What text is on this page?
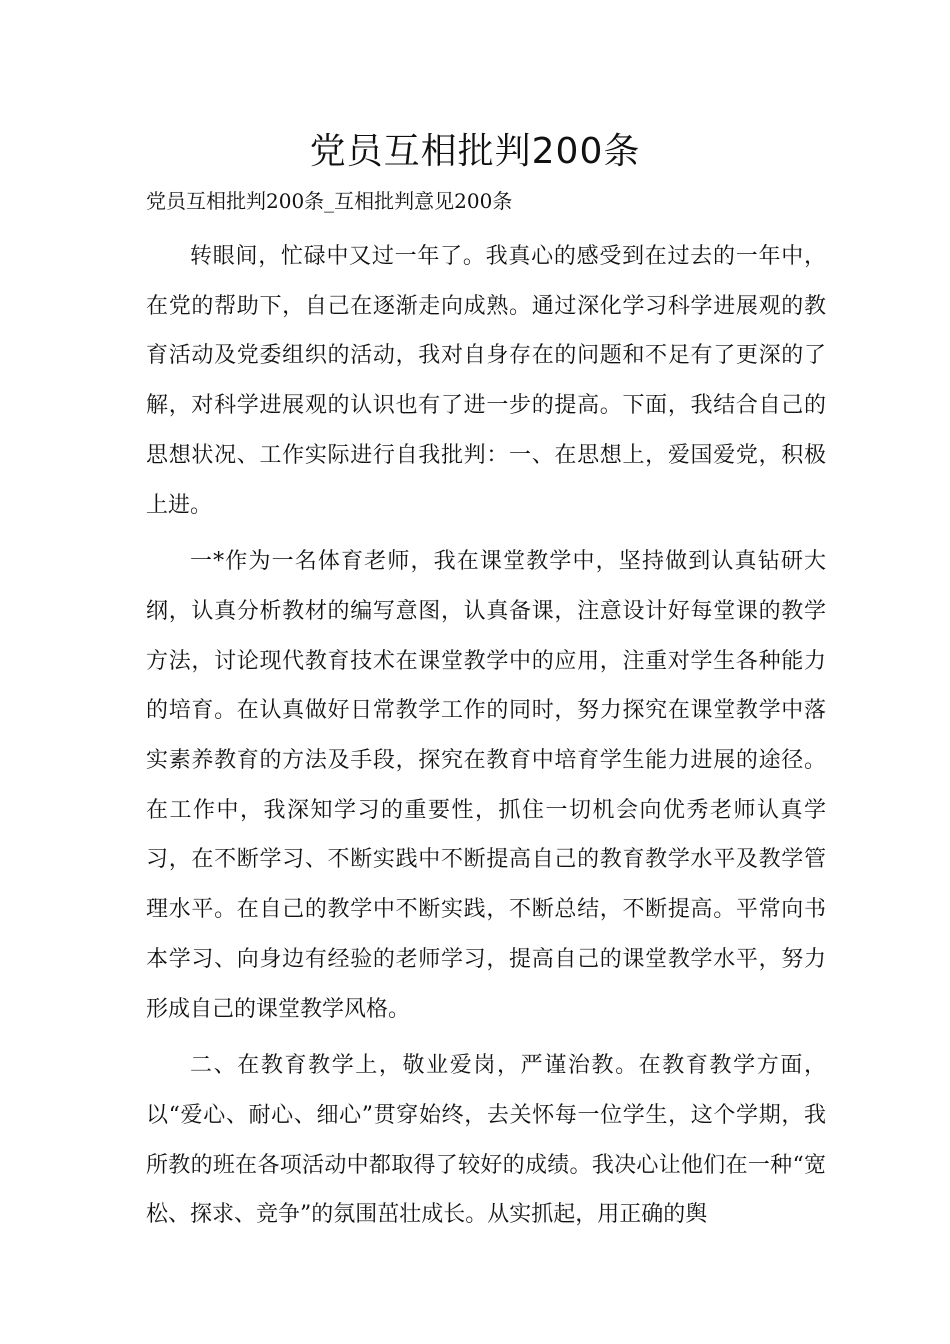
党员互相批判200条

党员互相批判200条_互相批判意见200条

转眼间，忙碌中又过一年了。我真心的感受到在过去的一年中，在党的帮助下，自己在逐渐走向成熟。通过深化学习科学进展观的教育活动及党委组织的活动，我对自身存在的问题和不足有了更深的了解，对科学进展观的认识也有了进一步的提高。下面，我结合自己的思想状况、工作实际进行自我批判：一、在思想上，爱国爱党，积极上进。

一*作为一名体育老师，我在课堂教学中，坚持做到认真钻研大纲，认真分析教材的编写意图，认真备课，注意设计好每堂课的教学方法，讨论现代教育技术在课堂教学中的应用，注重对学生各种能力的培育。在认真做好日常教学工作的同时，努力探究在课堂教学中落实素养教育的方法及手段，探究在教育中培育学生能力进展的途径。在工作中，我深知学习的重要性，抓住一切机会向优秀老师认真学习，在不断学习、不断实践中不断提高自己的教育教学水平及教学管理水平。在自己的教学中不断实践，不断总结，不断提高。平常向书本学习、向身边有经验的老师学习，提高自己的课堂教学水平，努力形成自己的课堂教学风格。

二、在教育教学上，敬业爱岗，严谨治教。在教育教学方面，以“爱心、耐心、细心”贯穿始终，去关怀每一位学生，这个学期，我所教的班在各项活动中都取得了较好的成绩。我决心让他们在一种“宽松、探求、竞争”的氛围茁壮成长。从实抓起，用正确的舆
